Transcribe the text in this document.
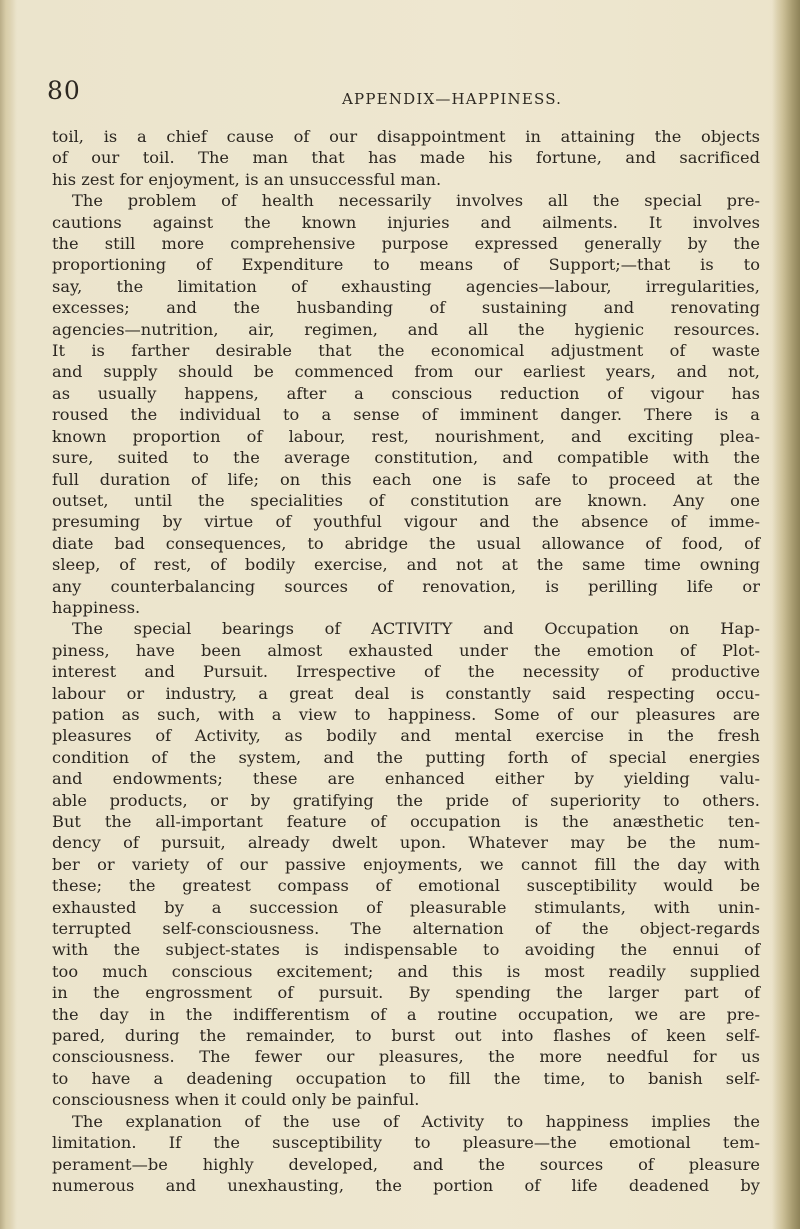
80	APPENDIX—HAPPINESS.
toil, is a chief cause of our disappointment in attaining the objects
of our toil. The man that has made his fortune, and sacrificed
his zest for enjoyment, is an unsuccessful man.
The problem of health necessarily involves all the special pre-
cautions against the known injuries and ailments. It involves
the still more comprehensive purpose expressed generally by the
proportioning of Expenditure to means of Support;—that is to
say, the limitation of exhausting agencies—labour, irregularities,
excesses; and the husbanding of sustaining and renovating
agencies—nutrition, air, regimen, and all the hygienic resources.
It is farther desirable that the economical adjustment of waste
and supply should be commenced from our earliest years, and not,
as usually happens, after a conscious reduction of vigour has
roused the individual to a sense of imminent danger. There is a
known proportion of labour, rest, nourishment, and exciting plea-
sure, suited to the average constitution, and compatible with the
full duration of life; on this each one is safe to proceed at the
outset, until the specialities of constitution are known. Any one
presuming by virtue of youthful vigour and the absence of imme-
diate bad consequences, to abridge the usual allowance of food, of
sleep, of rest, of bodily exercise, and not at the same time owning
any counterbalancing sources of renovation, is perilling life or
happiness.
The special bearings of ACTIVITY and Occupation on Hap-
piness, have been almost exhausted under the emotion of Plot-
interest and Pursuit. Irrespective of the necessity of productive
labour or industry, a great deal is constantly said respecting occu-
pation as such, with a view to happiness. Some of our pleasures are
pleasures of Activity, as bodily and mental exercise in the fresh
condition of the system, and the putting forth of special energies
and endowments; these are enhanced either by yielding valu-
able products, or by gratifying the pride of superiority to others.
But the all-important feature of occupation is the anæsthetic ten-
dency of pursuit, already dwelt upon. Whatever may be the num-
ber or variety of our passive enjoyments, we cannot fill the day with
these; the greatest compass of emotional susceptibility would be
exhausted by a succession of pleasurable stimulants, with unin-
terrupted self-consciousness. The alternation of the object-regards
with the subject-states is indispensable to avoiding the ennui of
too much conscious excitement; and this is most readily supplied
in the engrossment of pursuit. By spending the larger part of
the day in the indifferentism of a routine occupation, we are pre-
pared, during the remainder, to burst out into flashes of keen self-
consciousness. The fewer our pleasures, the more needful for us
to have a deadening occupation to fill the time, to banish self-
consciousness when it could only be painful.
The explanation of the use of Activity to happiness implies the
limitation. If the susceptibility to pleasure—the emotional tem-
perament—be highly developed, and the sources of pleasure
numerous and unexhausting, the portion of life deadened by
